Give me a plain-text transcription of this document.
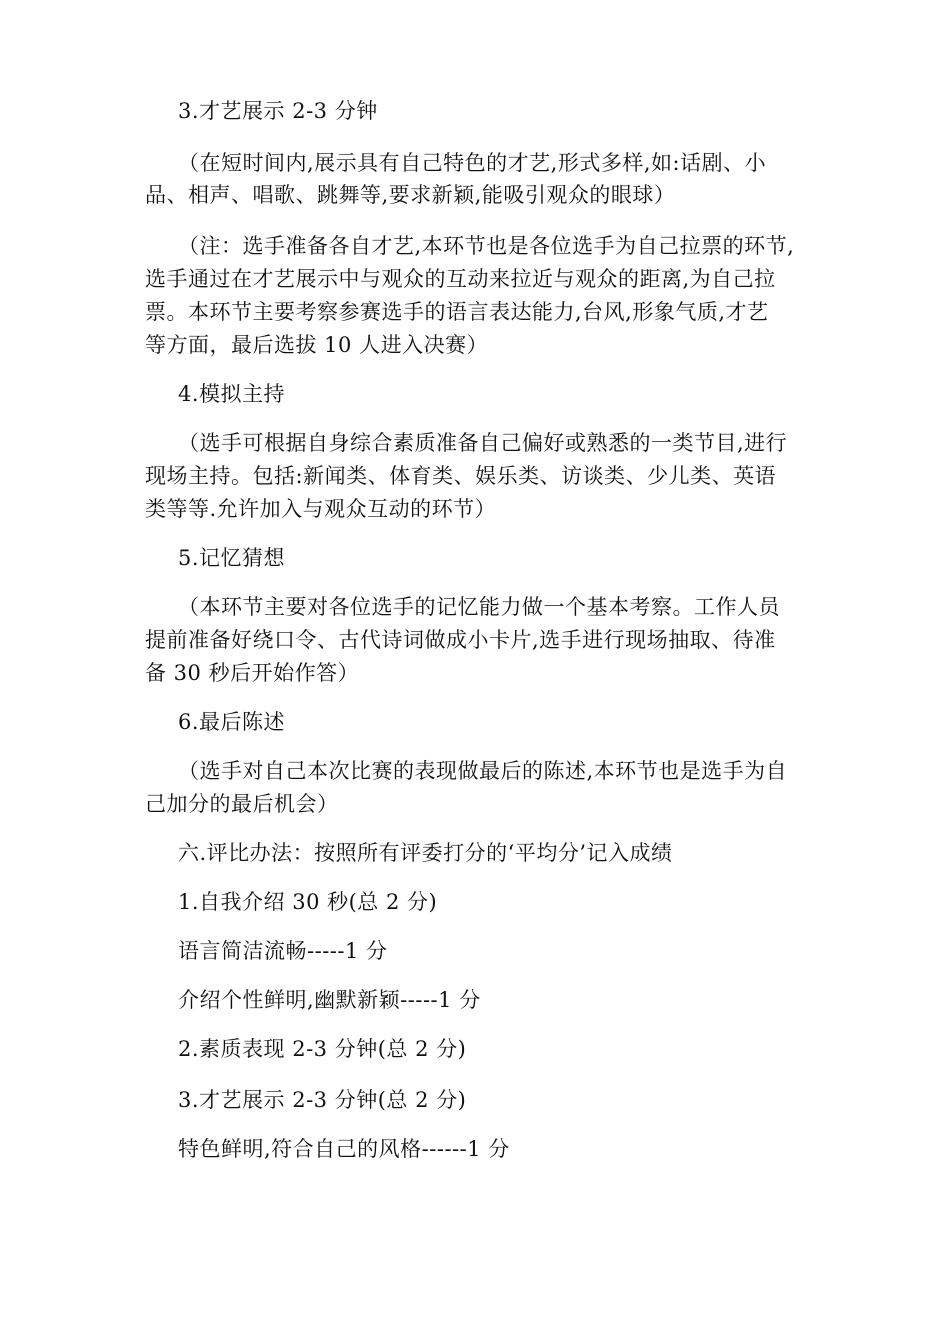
3.才艺展示 2-3 分钟
（在短时间内,展示具有自己特色的才艺,形式多样,如:话剧、小
品、相声、唱歌、跳舞等,要求新颖,能吸引观众的眼球）
（注：选手准备各自才艺,本环节也是各位选手为自己拉票的环节,
选手通过在才艺展示中与观众的互动来拉近与观众的距离,为自己拉
票。本环节主要考察参赛选手的语言表达能力,台风,形象气质,才艺
等方面，最后选拔 10 人进入决赛）
4.模拟主持
（选手可根据自身综合素质准备自己偏好或熟悉的一类节目,进行
现场主持。包括:新闻类、体育类、娱乐类、访谈类、少儿类、英语
类等等.允许加入与观众互动的环节）
5.记忆猜想
（本环节主要对各位选手的记忆能力做一个基本考察。工作人员
提前准备好绕口令、古代诗词做成小卡片,选手进行现场抽取、待准
备 30 秒后开始作答）
6.最后陈述
（选手对自己本次比赛的表现做最后的陈述,本环节也是选手为自
己加分的最后机会）
六.评比办法：按照所有评委打分的‘平均分’记入成绩
1.自我介绍 30 秒(总 2 分)
语言简洁流畅-----1 分
介绍个性鲜明,幽默新颖-----1 分
2.素质表现 2-3 分钟(总 2 分)
3.才艺展示 2-3 分钟(总 2 分)
特色鲜明,符合自己的风格------1 分
